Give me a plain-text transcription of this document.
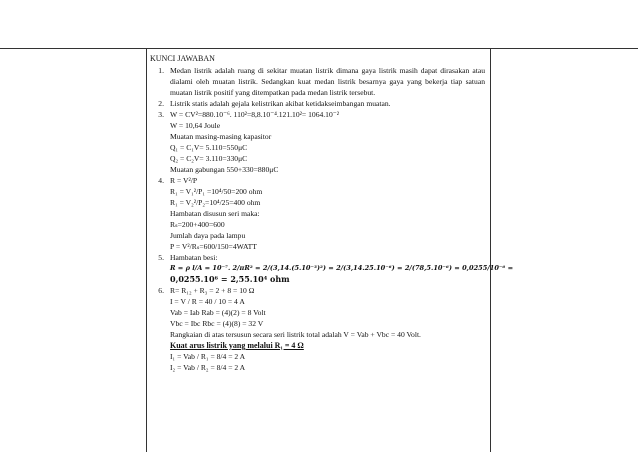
KUNCI JAWABAN
1. Medan listrik adalah ruang di sekitar muatan listrik dimana gaya listrik masih dapat dirasakan atau dialami oleh muatan listrik. Sedangkan kuat medan listrik besarnya gaya yang bekerja tiap satuan muatan listrik positif yang ditempatkan pada medan listrik tersebut.
2. Listrik statis adalah gejala kelistrikan akibat ketidakseimbangan muatan.
3. W = CV²=880.10⁻⁶. 110²=8,8.10⁻⁴.121.10²= 1064.10⁻²
W = 10,64 Joule
Muatan masing-masing kapasitor
Q₁ = C₁V= 5.110=550μC
Q₂ = C₂V= 3.110=330μC
Muatan gabungan 550+330=880μC
4. R = V²/P
R₁ = V₁²/P₁ =10⁴/50=200 ohm
R₁ = V₂²/P₂=10⁴/25=400 ohm
Hambatan disusun seri maka:
Rₛ=200+400=600
Jumlah daya pada lampu
P = V²/Rₛ=600/150=4WATT
5. Hambatan besi:
R = ρ l/A = 10⁻⁷. 2/πR² = 2/(3,14.(5.10⁻³)²) = 2/(3,14.25.10⁻⁶) = 2/(78,5.10⁻⁶) = 0,0255/10⁻⁶ =
0,0255.10⁶ = 2,55.10⁴ ohm
6. R= R₁₂ + R₃ = 2 + 8 = 10 Ω
I = V / R = 40 / 10 = 4 A
Vab = Iab Rab = (4)(2) = 8 Volt
Vbc = Ibc Rbc = (4)(8) = 32 V
Rangkaian di atas tersusun secara seri listrik total adalah V = Vab + Vbc = 40 Volt.
Kuat arus listrik yang melalui R₁ = 4 Ω
I₁ = Vab / R₁ = 8/4 = 2 A
I₂ = Vab / R₂ = 8/4 = 2 A
